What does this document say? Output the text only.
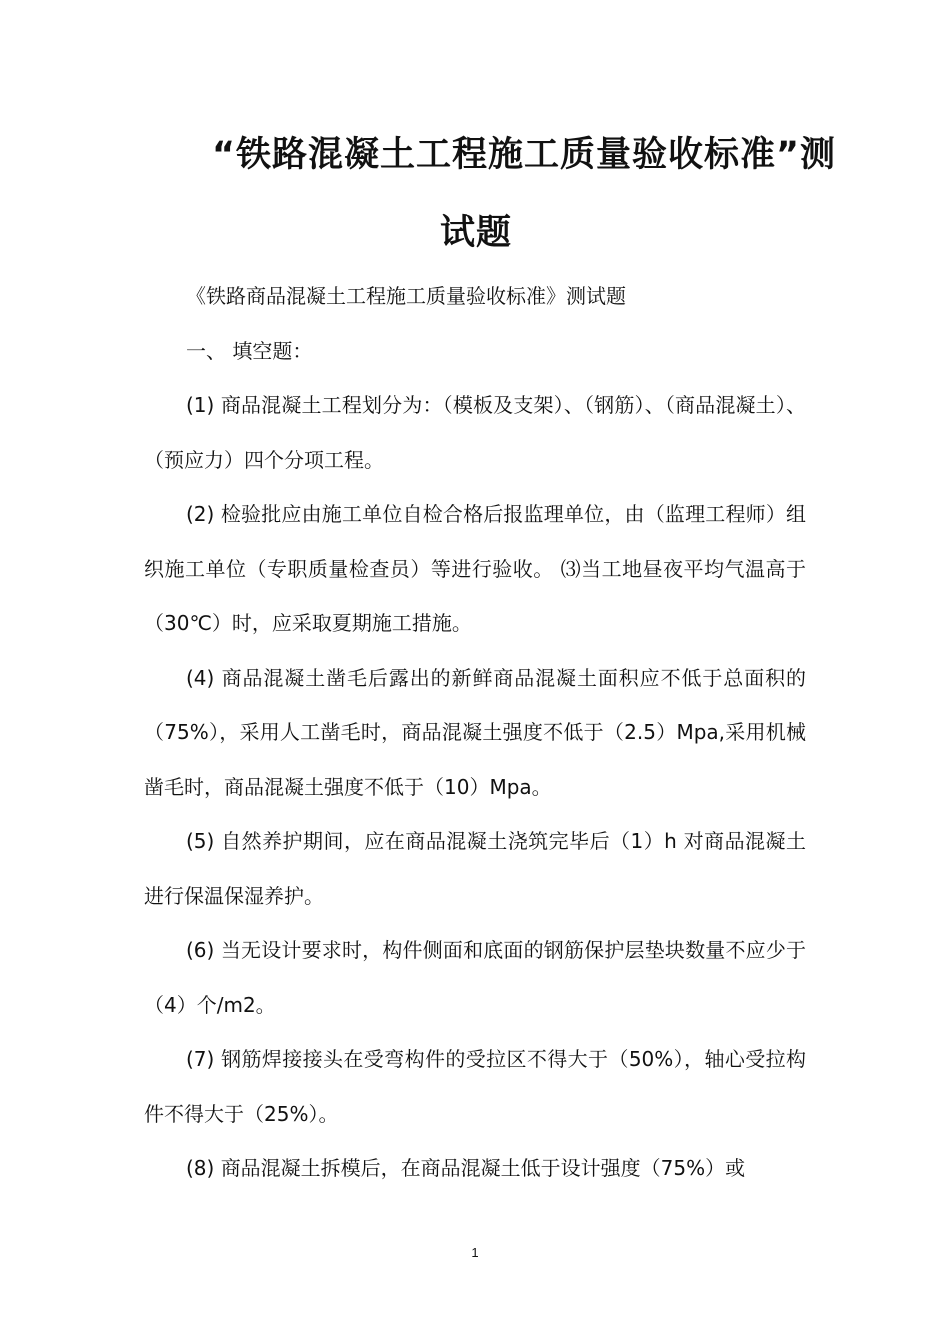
“铁路混凝土工程施工质量验收标准”测
试题

《铁路商品混凝土工程施工质量验收标准》测试题

一、 填空题：

(1) 商品混凝土工程划分为：（模板及支架）、（钢筋）、（商品混凝土）、（预应力）四个分项工程。

(2) 检验批应由施工单位自检合格后报监理单位，由（监理工程师）组织施工单位（专职质量检查员）等进行验收。 ⑶当工地昼夜平均气温高于（30℃）时，应采取夏期施工措施。

(4) 商品混凝土凿毛后露出的新鲜商品混凝土面积应不低于总面积的（75%），采用人工凿毛时，商品混凝土强度不低于（2.5）Mpa,采用机械凿毛时，商品混凝土强度不低于（10）Mpa。

(5) 自然养护期间，应在商品混凝土浇筑完毕后（1）h 对商品混凝土进行保温保湿养护。

(6) 当无设计要求时，构件侧面和底面的钢筋保护层垫块数量不应少于（4）个/m2。

(7) 钢筋焊接接头在受弯构件的受拉区不得大于（50%），轴心受拉构件不得大于（25%）。

(8) 商品混凝土拆模后，在商品混凝土低于设计强度（75%）或

1
